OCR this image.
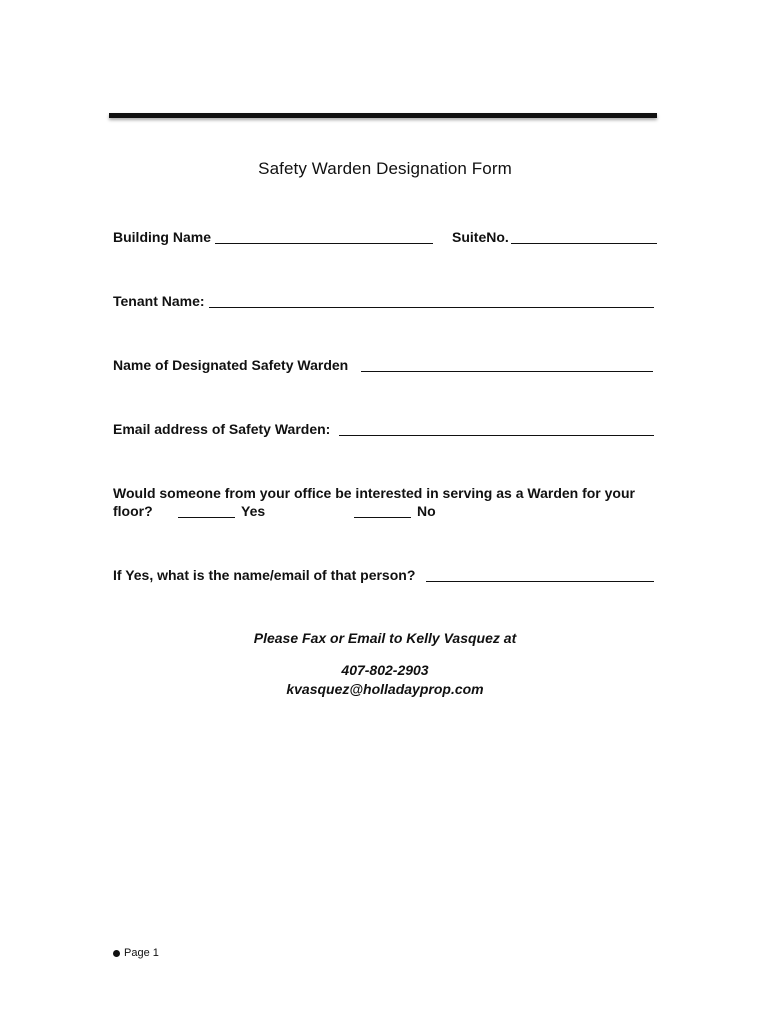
Safety Warden Designation Form
Building Name	SuiteNo.
Tenant Name:
Name of Designated Safety Warden
Email address of Safety Warden:
Would someone from your office be interested in serving as a Warden for your
floor?	Yes	No
If Yes, what is the name/email of that person?
Please Fax or Email to Kelly Vasquez at
407-802-2903
kvasquez@holladayprop.com
Page 1
